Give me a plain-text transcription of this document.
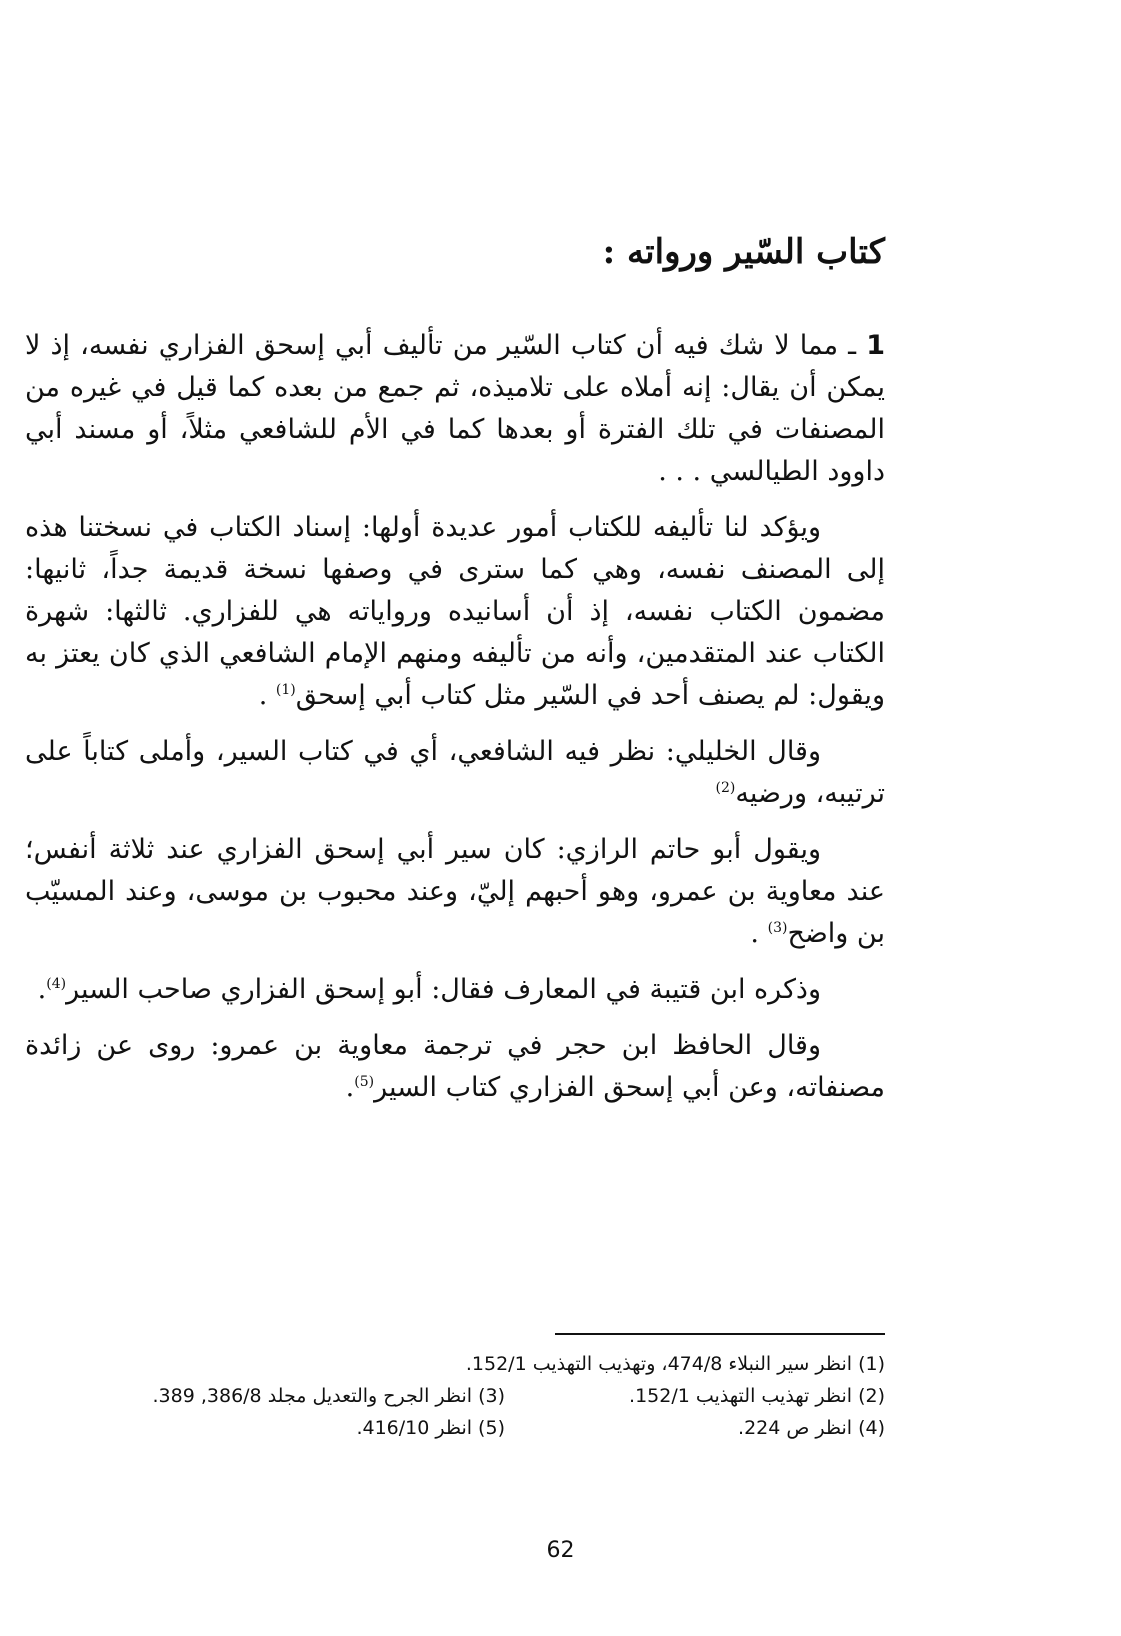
كتاب السّير ورواته :

1 ـ مما لا شك فيه أن كتاب السّير من تأليف أبي إسحق الفزاري نفسه، إذ لا يمكن أن يقال: إنه أملاه على تلاميذه، ثم جمع من بعده كما قيل في غيره من المصنفات في تلك الفترة أو بعدها كما في الأم للشافعي مثلاً، أو مسند أبي داوود الطيالسي . . .

ويؤكد لنا تأليفه للكتاب أمور عديدة أولها: إسناد الكتاب في نسختنا هذه إلى المصنف نفسه، وهي كما سترى في وصفها نسخة قديمة جداً، ثانيها: مضمون الكتاب نفسه، إذ أن أسانيده ورواياته هي للفزاري. ثالثها: شهرة الكتاب عند المتقدمين، وأنه من تأليفه ومنهم الإمام الشافعي الذي كان يعتز به ويقول: لم يصنف أحد في السّير مثل كتاب أبي إسحق$^{(1)}$ .

وقال الخليلي: نظر فيه الشافعي، أي في كتاب السير، وأملى كتاباً على ترتيبه، ورضيه$^{(2)}$

ويقول أبو حاتم الرازي: كان سير أبي إسحق الفزاري عند ثلاثة أنفس؛ عند معاوية بن عمرو، وهو أحبهم إليّ، وعند محبوب بن موسى، وعند المسيّب بن واضح$^{(3)}$ .

وذكره ابن قتيبة في المعارف فقال: أبو إسحق الفزاري صاحب السير$^{(4)}$.

وقال الحافظ ابن حجر في ترجمة معاوية بن عمرو: روى عن زائدة مصنفاته، وعن أبي إسحق الفزاري كتاب السير$^{(5)}$.

(1) انظر سير النبلاء 474/8، وتهذيب التهذيب 152/1.
(2) انظر تهذيب التهذيب 152/1.
(3) انظر الجرح والتعديل مجلد 386/8, 389.
(4) انظر ص 224.
(5) انظر 416/10.
62
